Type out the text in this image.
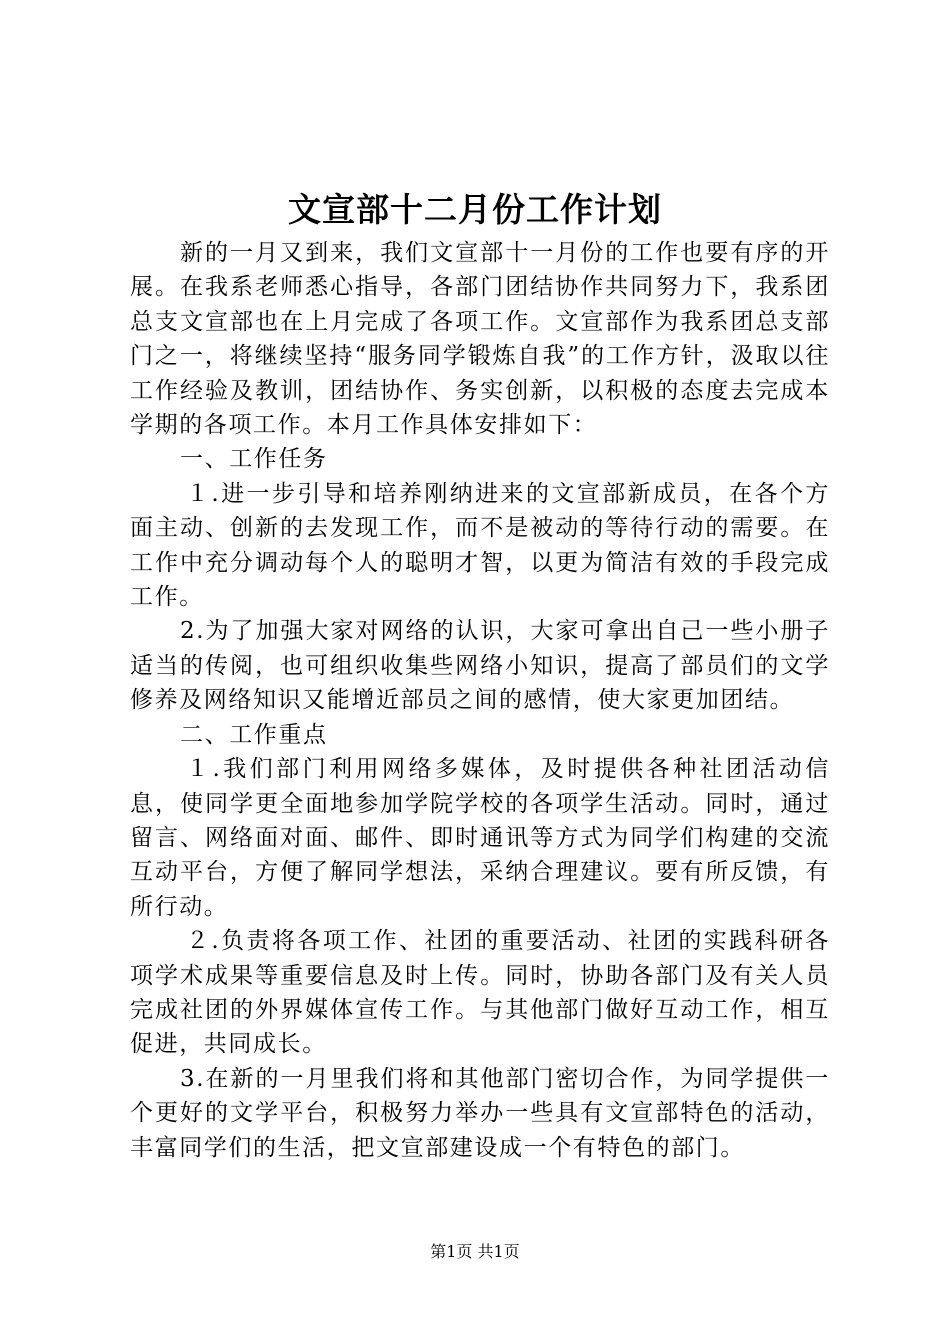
文宣部十二月份工作计划

新的一月又到来，我们文宣部十一月份的工作也要有序的开展。在我系老师悉心指导，各部门团结协作共同努力下，我系团总支文宣部也在上月完成了各项工作。文宣部作为我系团总支部门之一，将继续坚持“服务同学锻炼自我”的工作方针，汲取以往工作经验及教训，团结协作、务实创新，以积极的态度去完成本学期的各项工作。本月工作具体安排如下：

一、工作任务

１.进一步引导和培养刚纳进来的文宣部新成员，在各个方面主动、创新的去发现工作，而不是被动的等待行动的需要。在工作中充分调动每个人的聪明才智，以更为简洁有效的手段完成工作。

2.为了加强大家对网络的认识，大家可拿出自己一些小册子适当的传阅，也可组织收集些网络小知识，提高了部员们的文学修养及网络知识又能增近部员之间的感情，使大家更加团结。

二、工作重点

１.我们部门利用网络多媒体，及时提供各种社团活动信息，使同学更全面地参加学院学校的各项学生活动。同时，通过留言、网络面对面、邮件、即时通讯等方式为同学们构建的交流互动平台，方便了解同学想法，采纳合理建议。要有所反馈，有所行动。

２.负责将各项工作、社团的重要活动、社团的实践科研各项学术成果等重要信息及时上传。同时，协助各部门及有关人员完成社团的外界媒体宣传工作。与其他部门做好互动工作，相互促进，共同成长。

3.在新的一月里我们将和其他部门密切合作，为同学提供一个更好的文学平台，积极努力举办一些具有文宣部特色的活动，丰富同学们的生活，把文宣部建设成一个有特色的部门。

第1页 共1页
